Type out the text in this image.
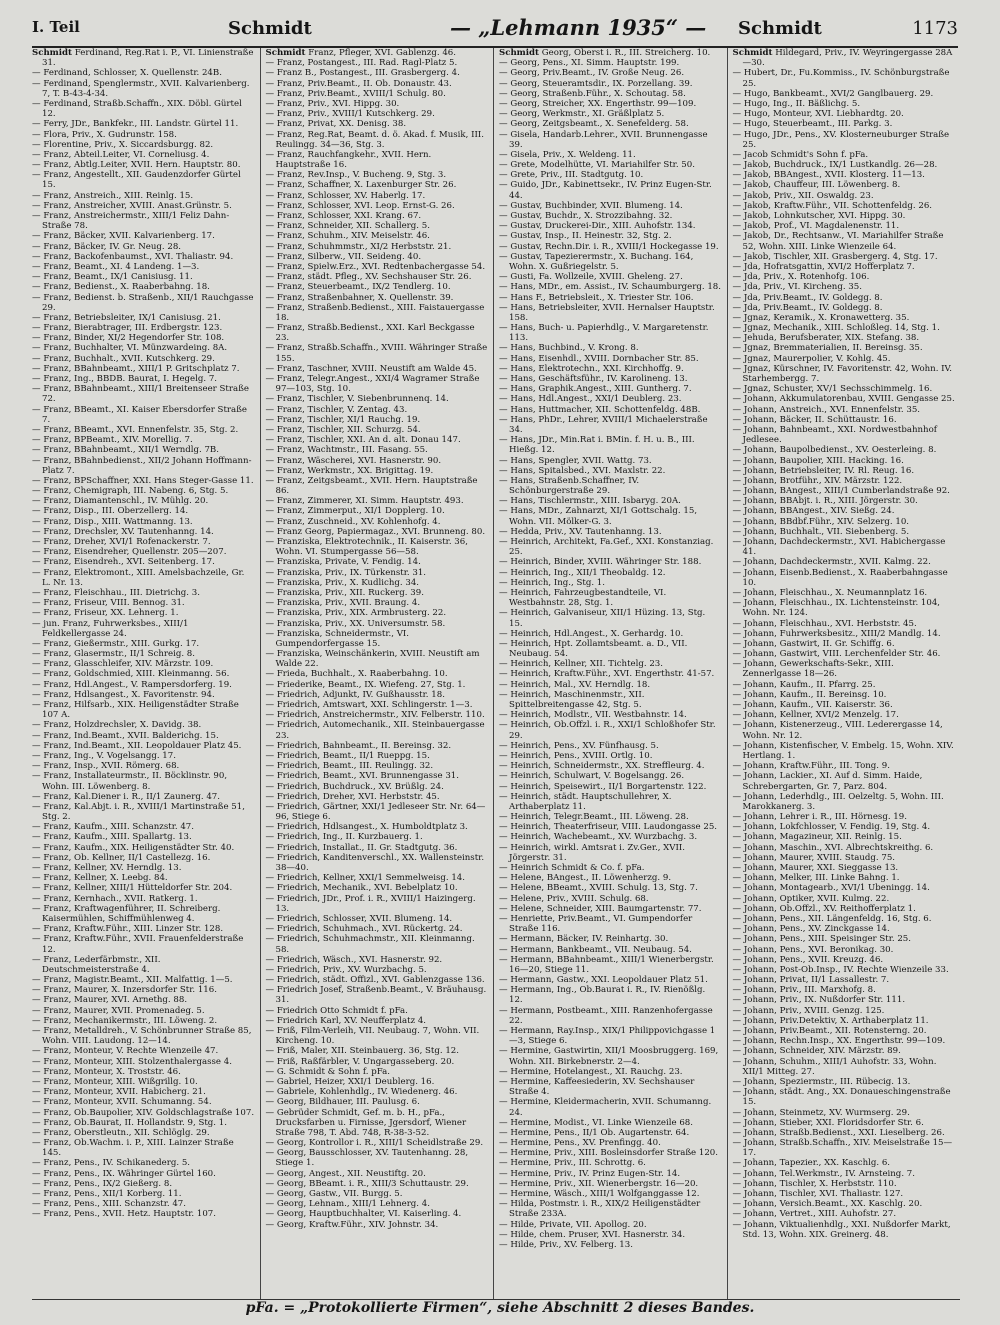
I. Teil	Schmidt	— „Lehmann 1935“ — Schmidt	1173

Schmidt Ferdinand, Reg.Rat i. P., VI. Linienstraße 31.

— Ferdinand, Schlosser, X. Quellenstr. 24B.

— Ferdinand, Spenglermstr., XVII. Kalvarienberg. 7, T. B-43-4-34.

— Ferdinand, Straßb.Schaffn., XIX. Döbl. Gürtel 12.

— Ferry, JDr., Bankfekr., III. Landstr. Gürtel 11.

— Flora, Priv., X. Gudrunstr. 158.

— Florentine, Priv., X. Siccardsburgg. 82.

— Franz, Abteil.Leiter, VI. Corneliusg. 4.

— Franz, Abtlg.Leiter, XVII. Hern. Hauptstr. 80.

— Franz, Angestellt., XII. Gaudenzdorfer Gürtel 15.

— Franz, Anstreich., XIII. Reinlg. 15.

— Franz, Anstreicher, XVIII. Anast.Grünstr. 5.

— Franz, Anstreichermstr., XIII/1 Feliz Dahn-Straße 78.

— Franz, Bäcker, XVII. Kalvarienberg. 17.

— Franz, Bäcker, IV. Gr. Neug. 28.

— Franz, Backofenbaumst., XVI. Thaliastr. 94.

— Franz, Beamt., XI. 4 Landeng. 1—3.

— Franz, Beamt., IX/1 Canisiusg. 11.

— Franz, Bedienst., X. Raaberbahng. 18.

— Franz, Bedienst. b. Straßenb., XII/1 Rauchgasse 29.

— Franz, Betriebsleiter, IX/1 Canisiusg. 21.

— Franz, Bierabtrager, III. Erdbergstr. 123.

— Franz, Binder, XI/2 Hegendorfer Str. 108.

— Franz, Buchhalter, VI. Münzwardeing. 8A.

— Franz, Buchhalt., XVII. Kutschkerg. 29.

— Franz, BBahnbeamt., XIII/1 P. Gritschplatz 7.

— Franz, Ing., BBDB. Baurat, I. Hegelg. 7.

— Franz, BBahnbeamt., XIII/1 Breitenseer Straße 72.

— Franz, BBeamt., XI. Kaiser Ebersdorfer Straße 7.

— Franz, BBeamt., XVI. Ennenfelstr. 35, Stg. 2.

— Franz, BPBeamt., XIV. Morellig. 7.

— Franz, BBahnbeamt., XII/1 Werndlg. 7B.

— Franz, BBahnbedienst., XII/2 Johann Hoffmann-Platz 7.

— Franz, BPSchaffner, XXI. Hans Steger-Gasse 11.

— Franz, Chemigraph, III. Nabeng. 6, Stg. 5.

— Franz, Diamantenschl., IV. Mühlg. 20.

— Franz, Disp., III. Oberzellerg. 14.

— Franz, Disp., XIII. Wattmanng. 13.

— Franz, Drechsler, XV. Tautenhanng. 14.

— Franz, Dreher, XVI/1 Rofenackerstr. 7.

— Franz, Eisendreher, Quellenstr. 205—207.

— Franz, Eisendreh., XVI. Seitenberg. 17.

— Franz, Elektromont., XIII. Amelsbachzeile, Gr. L. Nr. 13.

— Franz, Fleischhau., III. Dietrichg. 3.

— Franz, Friseur, VIII. Bennog. 31.

— Franz, Friseur, XX. Lehnerg. 1.

— jun. Franz, Fuhrwerksbes., XIII/1 Feldkellergasse 24.

— Franz, Gießermstr., XIII. Gurkg. 17.

— Franz, Glasermstr., II/1 Schreig. 8.

— Franz, Glasschleifer, XIV. Märzstr. 109.

— Franz, Goldschmied, XIII. Kleinmanng. 56.

— Franz, Hdl.Angest., V. Rampersdorferg. 19.

— Franz, Hdlsangest., X. Favoritenstr. 94.

— Franz, Hilfsarb., XIX. Heiligenstädter Straße 107 A.

— Franz, Holzdrechsler, X. Davidg. 38.

— Franz, Ind.Beamt., XVII. Balderichg. 15.

— Franz, Ind.Beamt., XII. Leopoldauer Platz 45.

— Franz, Ing., V. Vogelsangg. 17.

— Franz, Insp., XVII. Römerg. 68.

— Franz, Installateurmstr., II. Böcklinstr. 90, Wohn. III. Löwenberg. 8.

— Franz, Kal.Diener i. R., II/1 Zaunerg. 47.

— Franz, Kal.Abjt. i. R., XVIII/1 Martinstraße 51, Stg. 2.

— Franz, Kaufm., XIII. Schanzstr. 47.

— Franz, Kaufm., XIII. Spallartg. 13.

— Franz, Kaufm., XIX. Heiligenstädter Str. 40.

— Franz, Ob. Kellner, II/1 Castellezg. 16.

— Franz, Kellner, XV. Herndlg. 13.

— Franz, Kellner, X. Leebg. 84.

— Franz, Kellner, XIII/1 Hütteldorfer Str. 204.

— Franz, Kernhach., XVII. Ratkerg. 1.

— Franz, Kraftwagenführer, II. Schreiberg. Kaisermühlen, Schiffmühlenweg 4.

— Franz, Kraftw.Führ., XIII. Linzer Str. 128.

— Franz, Kraftw.Führ., XVII. Frauenfelderstraße 12.

— Franz, Lederfärbmstr., XII. Deutschmeisterstraße 4.

— Franz, Magistr.Beamt., XII. Malfattig. 1—5.

— Franz, Maurer, X. Inzersdorfer Str. 116.

— Franz, Maurer, XVI. Arnethg. 88.

— Franz, Maurer, XVII. Promenadeg. 5.

— Franz, Mechanikermstr., III. Löweng. 2.

— Franz, Metalldreh., V. Schönbrunner Straße 85, Wohn. VIII. Laudong. 12—14.

— Franz, Monteur, V. Rechte Wienzeile 47.

— Franz, Monteur, XIII. Stolzenthalergasse 4.

— Franz, Monteur, X. Troststr. 46.

— Franz, Monteur, XIII. Wißgrillg. 10.

— Franz, Monteur, XVII. Habicherg. 21.

— Franz, Monteur, XVII. Schumanng. 54.

— Franz, Ob.Baupolier, XIV. Goldschlagstraße 107.

— Franz, Ob.Baurat, II. Hollandstr. 9, Stg. 1.

— Franz, Oberstleutn., XII. Schlöglg. 29.

— Franz, Ob.Wachm. i. P., XIII. Lainzer Straße 145.

— Franz, Pens., IV. Schikanederg. 5.

— Franz, Pens., IX. Währinger Gürtel 160.

— Franz, Pens., IX/2 Gießerg. 8.

— Franz, Pens., XII/1 Korberg. 11.

— Franz, Pens., XIII. Schanzstr. 47.

— Franz, Pens., XVII. Hetz. Hauptstr. 107.

Schmidt Franz, Pfleger, XVI. Gablenzg. 46.

— Franz, Postangest., III. Rad. Ragl-Platz 5.

— Franz B., Postangest., III. Grasbergerg. 4.

— Franz, Priv.Beamt., II. Ob. Donaustr. 43.

— Franz, Priv.Beamt., XVIII/1 Schulg. 80.

— Franz, Priv., XVI. Hippg. 30.

— Franz, Priv., XVIII/1 Kutschkerg. 29.

— Franz, Privat, XX. Denisg. 38.

— Franz, Reg.Rat, Beamt. d. ö. Akad. f. Musik, III. Reulingg. 34—36, Stg. 3.

— Franz, Rauchfangkehr., XVII. Hern. Hauptstraße 16.

— Franz, Rev.Insp., V. Bucheng. 9, Stg. 3.

— Franz, Schaffner, X. Laxenburger Str. 26.

— Franz, Schlosser, XV. Haberlg. 17.

— Franz, Schlosser, XVI. Leop. Ernst-G. 26.

— Franz, Schlosser, XXI. Krang. 67.

— Franz, Schneider, XII. Schallerg. 5.

— Franz, Schuhm., XIV. Meiselstr. 46.

— Franz, Schuhmmstr., XI/2 Herbststr. 21.

— Franz, Silberw., VII. Seideng. 40.

— Franz, Spielw.Erz., XVI. Redtenbachergasse 54.

— Franz, städt. Pfleg., XV. Sechshauser Str. 26.

— Franz, Steuerbeamt., IX/2 Tendlerg. 10.

— Franz, Straßenbahner, X. Quellenstr. 39.

— Franz, Straßenb.Bedienst., XIII. Faistauergasse 18.

— Franz, Straßb.Bedienst., XXI. Karl Beckgasse 23.

— Franz, Straßb.Schaffn., XVIII. Währinger Straße 155.

— Franz, Taschner, XVIII. Neustift am Walde 45.

— Franz, Telegr.Angest., XXI/4 Wagramer Straße 97—103, Stg. 10.

— Franz, Tischler, V. Siebenbrunnenq. 14.

— Franz, Tischler, V. Zentag. 43.

— Franz, Tischler, XI/1 Rauchg. 19.

— Franz, Tischler, XII. Schurzg. 54.

— Franz, Tischler, XXI. An d. alt. Donau 147.

— Franz, Wachtmstr., III. Fasang. 55.

— Franz, Wäscherei, XVI. Hasnerstr. 90.

— Franz, Werkmstr., XX. Brigittag. 19.

— Franz, Zeitgsbeamt., XVII. Hern. Hauptstraße 86.

— Franz, Zimmerer, XI. Simm. Hauptstr. 493.

— Franz, Zimmerput., XI/1 Dopplerg. 10.

— Franz, Zuschneid., XV. Kohlenhofg. 4.

— Franz Georg, Papiermagaz., XVI. Brunneng. 80.

— Franziska, Elektrotechnik., II. Kaiserstr. 36, Wohn. VI. Stumpergasse 56—58.

— Franziska, Private, V. Fendig. 14.

— Franziska, Priv., IX. Türkenstr. 31.

— Franziska, Priv., X. Kudlichg. 34.

— Franziska, Priv., XII. Ruckerg. 39.

— Franziska, Priv., XVII. Braung. 4.

— Franziska, Priv., XIX. Armbrusterg. 22.

— Franziska, Priv., XX. Universumstr. 58.

— Franziska, Schneidermstr., VI. Gumpendorfergasse 15.

— Franziska, Weinschänkerin, XVIII. Neustift am Walde 22.

— Frieda, Buchhalt., X. Raaberbahng. 10.

— Friederike, Beamt., IX. Wiefeng. 27, Stg. 1.

— Friedrich, Adjunkt, IV. Gußhausstr. 18.

— Friedrich, Amtswart, XXI. Schlingerstr. 1—3.

— Friedrich, Anstreichermstr., XIV. Felberstr. 110.

— Friedrich, Automechanik., XII. Steinbauergasse 23.

— Friedrich, Bahnbeamt., II. Bereinsg. 32.

— Friedrich, Beamt., II/1 Rueppg. 15.

— Friedrich, Beamt., III. Reulingg. 32.

— Friedrich, Beamt., XVI. Brunnengasse 31.

— Friedrich, Buchdruck., XV. Brüßlg. 24.

— Friedrich, Dreher, XVI. Herbststr. 45.

— Friedrich, Gärtner, XXI/1 Jedleseer Str. Nr. 64—96, Stiege 6.

— Friedrich, Hdlsangest., X. Humboldtplatz 3.

— Friedrich, Ing., II. Kurzbauerg. 1.

— Friedrich, Installat., II. Gr. Stadtgutg. 36.

— Friedrich, Kanditenverschl., XX. Wallensteinstr. 38—40.

— Friedrich, Kellner, XXI/1 Semmelweisg. 14.

— Friedrich, Mechanik., XVI. Bebelplatz 10.

— Friedrich, JDr., Prof. i. R., XVIII/1 Haizingerg. 13.

— Friedrich, Schlosser, XVII. Blumeng. 14.

— Friedrich, Schuhmach., XVI. Rückertg. 24.

— Friedrich, Schuhmachmstr., XII. Kleinmanng. 58.

— Friedrich, Wäsch., XVI. Hasnerstr. 92.

— Friedrich, Priv., XV. Wurzbachg. 5.

— Friedrich, städt. Offizl., XVI. Gablenzgasse 136.

— Friedrich Josef, Straßenb.Beamt., V. Bräuhausg. 31.

— Friedrich Otto Schmidt f. pFa.

— Friedrich Karl, XV. Neufferplatz 4.

— Friß, Film-Verleih, VII. Neubaug. 7, Wohn. VII. Kircheng. 10.

— Friß, Maler, XII. Steinbauerg. 36, Stg. 12.

— Friß, Raßfärbler, V. Ungargasseberg. 20.

— G. Schmidt & Sohn f. pFa.

— Gabriel, Heizer, XXI/1 Deublerg. 16.

— Gabriele, Kohlenhdlg., IV. Wiedenerg. 46.

— Georg, Bildhauer, III. Paulusg. 6.

— Gebrüder Schmidt, Gef. m. b. H., pFa., Drucksfarben u. Firnisse, Jgersdorf, Wiener Straße 798, T. Abd. 748, R-38-3-52.

— Georg, Kontrollor i. R., XIII/1 Scheidlstraße 29.

— Georg, Bausschlosser, XV. Tautenhanng. 28, Stiege 1.

— Georg, Angest., XII. Neustiftg. 20.

— Georg, BBeamt. i. R., XIII/3 Schuttaustr. 29.

— Georg, Gastw., VII. Burgg. 5.

— Georg, Lehnam., XIII/1 Lehnerg. 4.

— Georg, Hauptbuchhalter, VI. Kaiserling. 4.

— Georg, Kraftw.Führ., XIV. Johnstr. 34.

Schmidt Georg, Oberst i. R., III. Streicherg. 10.

— Georg, Pens., XI. Simm. Hauptstr. 199.

— Georg, Priv.Beamt., IV. Große Neug. 26.

— Georg, Steueramtsdir., IX. Porzellang. 39.

— Georg, Straßenb.Führ., X. Schoutag. 58.

— Georg, Streicher, XX. Engerthstr. 99—109.

— Georg, Werkmstr., XI. Gräßlplatz 5.

— Georg, Zeitgsbeamt., X. Senefelderg. 58.

— Gisela, Handarb.Lehrer., XVII. Brunnengasse 39.

— Gisela, Priv., X. Weldeng. 11.

— Grete, Modelhütte, VI. Mariahilfer Str. 50.

— Grete, Priv., III. Stadtgutg. 10.

— Guido, JDr., Kabinettsekr., IV. Prinz Eugen-Str. 44.

— Gustav, Buchbinder, XVII. Blumeng. 14.

— Gustav, Buchdr., X. Strozzibahng. 32.

— Gustav, Druckerei-Dir., XIII. Auhofstr. 134.

— Gustav, Insp., II. Heinestr. 32, Stg. 2.

— Gustav, Rechn.Dir. i. R., XVIII/1 Hockegasse 19.

— Gustav, Tapezierermstr., X. Buchang. 164, Wohn. X. Gußriegelstr. 5.

— Gusti, Fa. Wollzeile, XVIII. Gheleng. 27.

— Hans, MDr., em. Assist., IV. Schaumburgerg. 18.

— Hans F., Betriebsleit., X. Triester Str. 106.

— Hans, Betriebsleiter, XVII. Hernalser Hauptstr. 158.

— Hans, Buch- u. Papierhdlg., V. Margaretenstr. 113.

— Hans, Buchbind., V. Krong. 8.

— Hans, Eisenhdl., XVIII. Dornbacher Str. 85.

— Hans, Elektrotechn., XXI. Kirchhoffg. 9.

— Hans, Geschäftsführ., IV. Karolineng. 13.

— Hans, Graphik.Angest., XIII. Guntherg. 7.

— Hans, Hdl.Angest., XXI/1 Deublerg. 23.

— Hans, Huttmacher, XII. Schottenfeldg. 48B.

— Hans, PhDr., Lehrer, XVIII/1 Michaelerstraße 34.

— Hans, JDr., Min.Rat i. BMin. f. H. u. B., III. Hießg. 12.

— Hans, Spengler, XVII. Wattg. 73.

— Hans, Spitalsbed., XVI. Maxlstr. 22.

— Hans, Straßenb.Schaffner, IV. Schönburgerstraße 29.

— Hans, Tischlermstr., XIII. Isbaryg. 20A.

— Hans, MDr., Zahnarzt, XI/1 Gottschalg. 15, Wohn. VII. Mölker-G. 3.

— Hedda, Priv., XV. Tautenhanng. 13.

— Heinrich, Architekt, Fa.Gef., XXI. Konstanziag. 25.

— Heinrich, Binder, XVIII. Währinger Str. 188.

— Heinrich, Ing., XII/1 Theobaldg. 12.

— Heinrich, Ing., Stg. 1.

— Heinrich, Fahrzeugbestandteile, VI. Westbahnstr. 28, Stg. 1.

— Heinrich, Galvaniseur, XII/1 Hüzing. 13, Stg. 15.

— Heinrich, Hdl.Angest., X. Gerhardg. 10.

— Heinrich, Hpt. Zollamtsbeamt. a. D., VII. Neubaug. 54.

— Heinrich, Kellner, XII. Tichtelg. 23.

— Heinrich, Kraftw.Führ., XVI. Engerthstr. 41-57.

— Heinrich, Mal., XV. Herndlg. 18.

— Heinrich, Maschinenmstr., XII. Spittelbreitengasse 42, Stg. 5.

— Heinrich, Modlstr., VII. Westbahnstr. 14.

— Heinrich, Ob.Offzl. i. R., XXI/1 Schloßhofer Str. 29.

— Heinrich, Pens., XV. Fünfhausg. 5.

— Heinrich, Pens., XVIII. Ortlg. 10.

— Heinrich, Schneidermstr., XX. Streffleurg. 4.

— Heinrich, Schulwart, V. Bogelsangg. 26.

— Heinrich, Speisewirt., II/1 Borgartenstr. 122.

— Heinrich, städt. Hauptschullehrer, X. Arthaberplatz 11.

— Heinrich, Telegr.Beamt., III. Löweng. 28.

— Heinrich, Theaterfriseur, VIII. Laudongasse 25.

— Heinrich, Wachebeamt., XV. Wurzbachg. 3.

— Heinrich, wirkl. Amtsrat i. Zv.Ger., XVII. Jörgerstr. 31.

— Heinrich Schmidt & Co. f. pFa.

— Helene, BAngest., II. Löwenherzg. 9.

— Helene, BBeamt., XVIII. Schulg. 13, Stg. 7.

— Helene, Priv., XVIII. Schulg. 68.

— Helene, Schneider, XIII. Baumgartenstr. 77.

— Henriette, Priv.Beamt., VI. Gumpendorfer Straße 116.

— Hermann, Bäcker, IV. Reinhartg. 30.

— Hermann, Bankbeamt., VII. Neubaug. 54.

— Hermann, BBahnbeamt., XIII/1 Wienerbergstr. 16—20, Stiege 11.

— Hermann, Gastw., XXI. Leopoldauer Platz 51.

— Hermann, Ing., Ob.Baurat i. R., IV. Rienößlg. 12.

— Hermann, Postbeamt., XIII. Ranzenhofergasse 22.

— Hermann, Ray.Insp., XIX/1 Philippovichgasse 1—3, Stiege 6.

— Hermine, Gastwirtin, XII/1 Moosbruggerg. 169, Wohn. XII. Birkebnerstr. 2—4.

— Hermine, Hotelangest., XI. Rauchg. 23.

— Hermine, Kaffeesiederin, XV. Sechshauser Straße 4.

— Hermine, Kleidermacherin, XVII. Schumanng. 24.

— Hermine, Modist., VI. Linke Wienzeile 68.

— Hermine, Pens., II/1 Ob. Augartenstr. 64.

— Hermine, Pens., XV. Prenfingg. 40.

— Hermine, Priv., XIII. Bosleinsdorfer Straße 120.

— Hermine, Priv., III. Schrottg. 6.

— Hermine, Priv., IV. Prinz Eugen-Str. 14.

— Hermine, Priv., XII. Wienerbergstr. 16—20.

— Hermine, Wäsch., XIII/1 Wolfganggasse 12.

— Hilda, Postmstr. i. R., XIX/2 Heiligenstädter Straße 233A.

— Hilde, Private, VII. Apollog. 20.

— Hilde, chem. Pruser, XVI. Hasnerstr. 34.

— Hilde, Priv., XV. Felberg. 13.

Schmidt Hildegard, Priv., IV. Weyringergasse 28A—30.

— Hubert, Dr., Fu.Kommiss., IV. Schönburgstraße 25.

— Hugo, Bankbeamt., XVI/2 Ganglbauerg. 29.

— Hugo, Ing., II. Bäßlichg. 5.

— Hugo, Monteur, XVI. Liebhardtg. 20.

— Hugo, Steuerbeamt., III. Parkg. 3.

— Hugo, JDr., Pens., XV. Klosterneuburger Straße 25.

— Jacob Schmidt's Sohn f. pFa.

— Jakob, Buchdruck., IX/1 Lustkandlg. 26—28.

— Jakob, BBAngest., XVII. Klosterg. 11—13.

— Jakob, Chauffeur, III. Löwenberg. 8.

— Jakob, Priv., XII. Oswaldg. 23.

— Jakob, Kraftw.Führ., VII. Schottenfeldg. 26.

— Jakob, Lohnkutscher, XVI. Hippg. 30.

— Jakob, Prof., VI. Magdalenenstr. 11.

— Jakob, Dr., Rechtsanw., VI. Mariahilfer Straße 52, Wohn. XIII. Linke Wienzeile 64.

— Jakob, Tischler, XII. Grasbergerg. 4, Stg. 17.

— Jda, Hofratsgattin, XVI/2 Hofferplatz 7.

— Jda, Priv., X. Rotenhofg. 106.

— Jda, Priv., VI. Kircheng. 35.

— Jda, Priv.Beamt., IV. Goldegg. 8.

— Jda, Priv.Beamt., IV. Goldegg. 8.

— Jgnaz, Keramik., X. Kronawetterg. 35.

— Jgnaz, Mechanik., XIII. Schloßleg. 14, Stg. 1.

— Jehuda, Berufsberater, XIX. Stefang. 38.

— Jgnaz, Bremmaterialien, II. Bereinsg. 35.

— Jgnaz, Maurerpolier, V. Kohlg. 45.

— Jgnaz, Kürschner, IV. Favoritenstr. 42, Wohn. IV. Starhembergg. 7.

— Jgnaz, Schuster, XV/1 Sechsschimmelg. 16.

— Johann, Akkumulatorenbau, XVIII. Gengasse 25.

— Johann, Anstreich., XVI. Ennenfelstr. 35.

— Johann, Bäcker, II. Schüttaustr. 16.

— Johann, Bahnbeamt., XXI. Nordwestbahnhof Jedlesee.

— Johann, Baupolbedienst., XV. Oesterleing. 8.

— Johann, Baupolier, XIII. Hacking. 16.

— Johann, Betriebsleiter, IV. Rl. Reug. 16.

— Johann, Brotführ., XIV. Märzstr. 122.

— Johann, BAngest., XIII/1 Cumberlandstraße 92.

— Johann, BBAbjt. i. R., XIII. Jörgerstr. 30.

— Johann, BBAngest., XIV. Sießg. 24.

— Johann, BBdbf.Führ., XIV. Selzerg. 10.

— Johann, Buchhalt., VII. Siebenberg. 5.

— Johann, Dachdeckermstr., XVI. Habichergasse 41.

— Johann, Dachdeckermstr., XVII. Kalmg. 22.

— Johann, Eisenb.Bedienst., X. Raaberbahngasse 10.

— Johann, Fleischhau., X. Neumannplatz 16.

— Johann, Fleischhau., IX. Lichtensteinstr. 104, Wohn. Nr. 124.

— Johann, Fleischhau., XVI. Herbststr. 45.

— Johann, Fuhrwerksbesitz., XIII/2 Mandlg. 14.

— Johann, Gastwirt, II. Gr. Schiffg. 6.

— Johann, Gastwirt, VIII. Lerchenfelder Str. 46.

— Johann, Gewerkschafts-Sekr., XIII. Zennerlgasse 18—26.

— Johann, Kaufm., II. Pfarrg. 25.

— Johann, Kaufm., II. Bereinsg. 10.

— Johann, Kaufm., VII. Kaiserstr. 36.

— Johann, Kellner, XVI/2 Menzelg. 17.

— Johann, Kistenerzeug., VIII. Lederergasse 14, Wohn. Nr. 12.

— Johann, Kistenfischer, V. Embelg. 15, Wohn. XIV. Hertlang. 1.

— Johann, Kraftw.Führ., III. Tong. 9.

— Johann, Lackier., XI. Auf d. Simm. Haide, Schrebergarten, Gr. 7, Parz. 804.

— Johann, Lederhdlg., III. Oelzeltg. 5, Wohn. III. Marokkanerg. 3.

— Johann, Lehrer i. R., III. Hörnesg. 19.

— Johann, Lokfchlosser, V. Fendig. 19, Stg. 4.

— Johann, Magazineur, XII. Reinlg. 15.

— Johann, Maschin., XVI. Albrechtskreithg. 6.

— Johann, Maurer, XVIII. Staudg. 75.

— Johann, Maurer, XXI. Sieggasse 13.

— Johann, Melker, III. Linke Bahng. 1.

— Johann, Montagearb., XVI/1 Ubeningg. 14.

— Johann, Optiker, XVII. Kulmg. 22.

— Johann, Ob.Offzl., XV. Reithofferplatz 1.

— Johann, Pens., XII. Längenfeldg. 16, Stg. 6.

— Johann, Pens., XV. Zinckgasse 14.

— Johann, Pens., XIII. Speisinger Str. 25.

— Johann, Pens., XVI. Beronikag. 30.

— Johann, Pens., XVII. Kreuzg. 46.

— Johann, Post-Ob.Insp., IV. Rechte Wienzeile 33.

— Johann, Privat, II/1 Lassallestr. 7.

— Johann, Priv., III. Marxhofg. 8.

— Johann, Priv., IX. Nußdorfer Str. 111.

— Johann, Priv., XVIII. Genzg. 125.

— Johann, Priv.Detektiv, X. Arthaberplatz 11.

— Johann, Priv.Beamt., XII. Rotensterng. 20.

— Johann, Rechn.Insp., XX. Engerthstr. 99—109.

— Johann, Schneider, XIV. Märzstr. 89.

— Johann, Schuhm., XIII/1 Auhofstr. 33, Wohn. XII/1 Mitteg. 27.

— Johann, Speziermstr., III. Rübecig. 13.

— Johann, städt. Ang., XX. Donaueschingenstraße 15.

— Johann, Steinmetz, XV. Wurmserg. 29.

— Johann, Stieber, XXI. Floridsdorfer Str. 6.

— Johann, Straßb.Bedienst., XXI. Lieselberg. 26.

— Johann, Straßb.Schaffn., XIV. Meiselstraße 15—17.

— Johann, Tapezier., XX. Kaschlg. 6.

— Johann, Tel.Werkmstr., IV. Arnsteing. 7.

— Johann, Tischler, X. Herbststr. 110.

— Johann, Tischler, XVI. Thaliastr. 127.

— Johann, Versich.Beamt., XX. Kaschlg. 20.

— Johann, Vertret., XIII. Auhofstr. 27.

— Johann, Viktualienhdlg., XXI. Nußdorfer Markt, Std. 13, Wohn. XIX. Greinerg. 48.

pFa. = „Protokollierte Firmen“, siehe Abschnitt 2 dieses Bandes.
